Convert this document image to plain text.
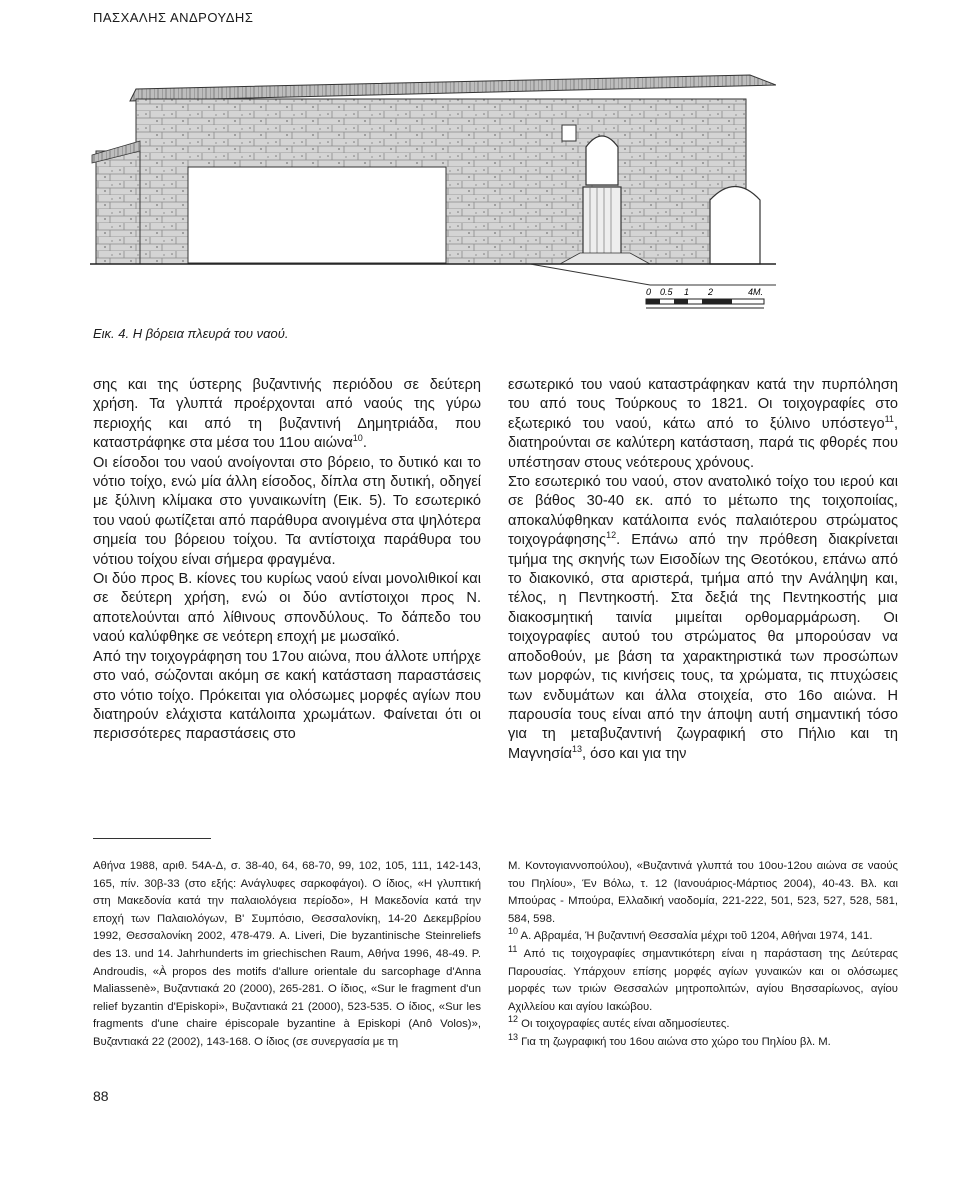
ΠΑΣΧΑΛΗΣ ΑΝΔΡΟΥΔΗΣ
0 0.5 1 2	4M.
Εικ. 4. Η βόρεια πλευρά του ναού.

σης και της ύστερης βυζαντινής περιόδου σε δεύτερη χρήση. Τα γλυπτά προέρχονται από ναούς της γύρω περιοχής και από τη βυζαντινή Δημητριάδα, που καταστράφηκε στα μέσα του 11ου αιώνα$^{10}$.

Οι είσοδοι του ναού ανοίγονται στο βόρειο, το δυτικό και το νότιο τοίχο, ενώ μία άλλη είσοδος, δίπλα στη δυτική, οδηγεί με ξύλινη κλίμακα στο γυναικωνίτη (Εικ. 5). Το εσωτερικό του ναού φωτίζεται από παράθυρα ανοιγμένα στα ψηλότερα σημεία του βόρειου τοίχου. Τα αντίστοιχα παράθυρα του νότιου τοίχου είναι σήμερα φραγμένα.

Οι δύο προς Β. κίονες του κυρίως ναού είναι μονολιθικοί και σε δεύτερη χρήση, ενώ οι δύο αντίστοιχοι προς Ν. αποτελούνται από λίθινους σπονδύλους. Το δάπεδο του ναού καλύφθηκε σε νεότερη εποχή με μωσαϊκό.

Από την τοιχογράφηση του 17ου αιώνα, που άλλοτε υπήρχε στο ναό, σώζονται ακόμη σε κακή κατάσταση παραστάσεις στο νότιο τοίχο. Πρόκειται για ολόσωμες μορφές αγίων που διατηρούν ελάχιστα κατάλοιπα χρωμάτων. Φαίνεται ότι οι περισσότερες παραστάσεις στο

εσωτερικό του ναού καταστράφηκαν κατά την πυρπόληση του από τους Τούρκους το 1821. Οι τοιχογραφίες στο εξωτερικό του ναού, κάτω από το ξύλινο υπόστεγο$^{11}$, διατηρούνται σε καλύτερη κατάσταση, παρά τις φθορές που υπέστησαν στους νεότερους χρόνους.

Στο εσωτερικό του ναού, στον ανατολικό τοίχο του ιερού και σε βάθος 30-40 εκ. από το μέτωπο της τοιχοποιίας, αποκαλύφθηκαν κατάλοιπα ενός παλαιότερου στρώματος τοιχογράφησης$^{12}$. Επάνω από την πρόθεση διακρίνεται τμήμα της σκηνής των Εισοδίων της Θεοτόκου, επάνω από το διακονικό, στα αριστερά, τμήμα από την Ανάληψη και, τέλος, η Πεντηκοστή. Στα δεξιά της Πεντηκοστής μια διακοσμητική ταινία μιμείται ορθομαρμάρωση. Οι τοιχογραφίες αυτού του στρώματος θα μπορούσαν να αποδοθούν, με βάση τα χαρακτηριστικά των προσώπων των μορφών, τις κινήσεις τους, τα χρώματα, τις πτυχώσεις των ενδυμάτων και άλλα στοιχεία, στο 16ο αιώνα. Η παρουσία τους είναι από την άποψη αυτή σημαντική τόσο για τη μεταβυζαντινή ζωγραφική στο Πήλιο και τη Μαγνησία$^{13}$, όσο και για την

Αθήνα 1988, αριθ. 54Α-Δ, σ. 38-40, 64, 68-70, 99, 102, 105, 111, 142-143, 165, πίν. 30β-33 (στο εξής: Ανάγλυφες σαρκοφάγοι). Ο ίδιος, «Η γλυπτική στη Μακεδονία κατά την παλαιολόγεια περίοδο», Η Μακεδονία κατά την εποχή των Παλαιολόγων, Β' Συμπόσιο, Θεσσαλονίκη, 14-20 Δεκεμβρίου 1992, Θεσσαλονίκη 2002, 478-479. Α. Liveri, Die byzantinische Steinreliefs des 13. und 14. Jahrhunderts im griechischen Raum, Αθήνα 1996, 48-49. Ρ. Androudis, «À propos des motifs d'allure orientale du sarcophage d'Anna Maliassenè», Βυζαντιακά 20 (2000), 265-281. Ο ίδιος, «Sur le fragment d'un relief byzantin d'Episkopi», Βυζαντιακά 21 (2000), 523-535. Ο ίδιος, «Sur les fragments d'une chaire épiscopale byzantine à Episkopi (Anô Volos)», Βυζαντιακά 22 (2002), 143-168. Ο ίδιος (σε συνεργασία με τη

Μ. Κοντογιαννοπούλου), «Βυζαντινά γλυπτά του 10ου-12ου αιώνα σε ναούς του Πηλίου», Έν Βόλω, τ. 12 (Ιανουάριος-Μάρτιος 2004), 40-43. Βλ. και Μπούρας - Μπούρα, Ελλαδική ναοδομία, 221-222, 501, 523, 527, 528, 581, 584, 598.

$^{10}$ Α. Αβραμέα, Ή βυζαντινή Θεσσαλία μέχρι τοῦ 1204, Αθήναι 1974, 141.

$^{11}$ Από τις τοιχογραφίες σημαντικότερη είναι η παράσταση της Δεύτερας Παρουσίας. Υπάρχουν επίσης μορφές αγίων γυναικών και οι ολόσωμες μορφές των τριών Θεσσαλών μητροπολιτών, αγίου Βησσαρίωνος, αγίου Αχιλλείου και αγίου Ιακώβου.

$^{12}$ Οι τοιχογραφίες αυτές είναι αδημοσίευτες.

$^{13}$ Για τη ζωγραφική του 16ου αιώνα στο χώρο του Πηλίου βλ. Μ.

88
